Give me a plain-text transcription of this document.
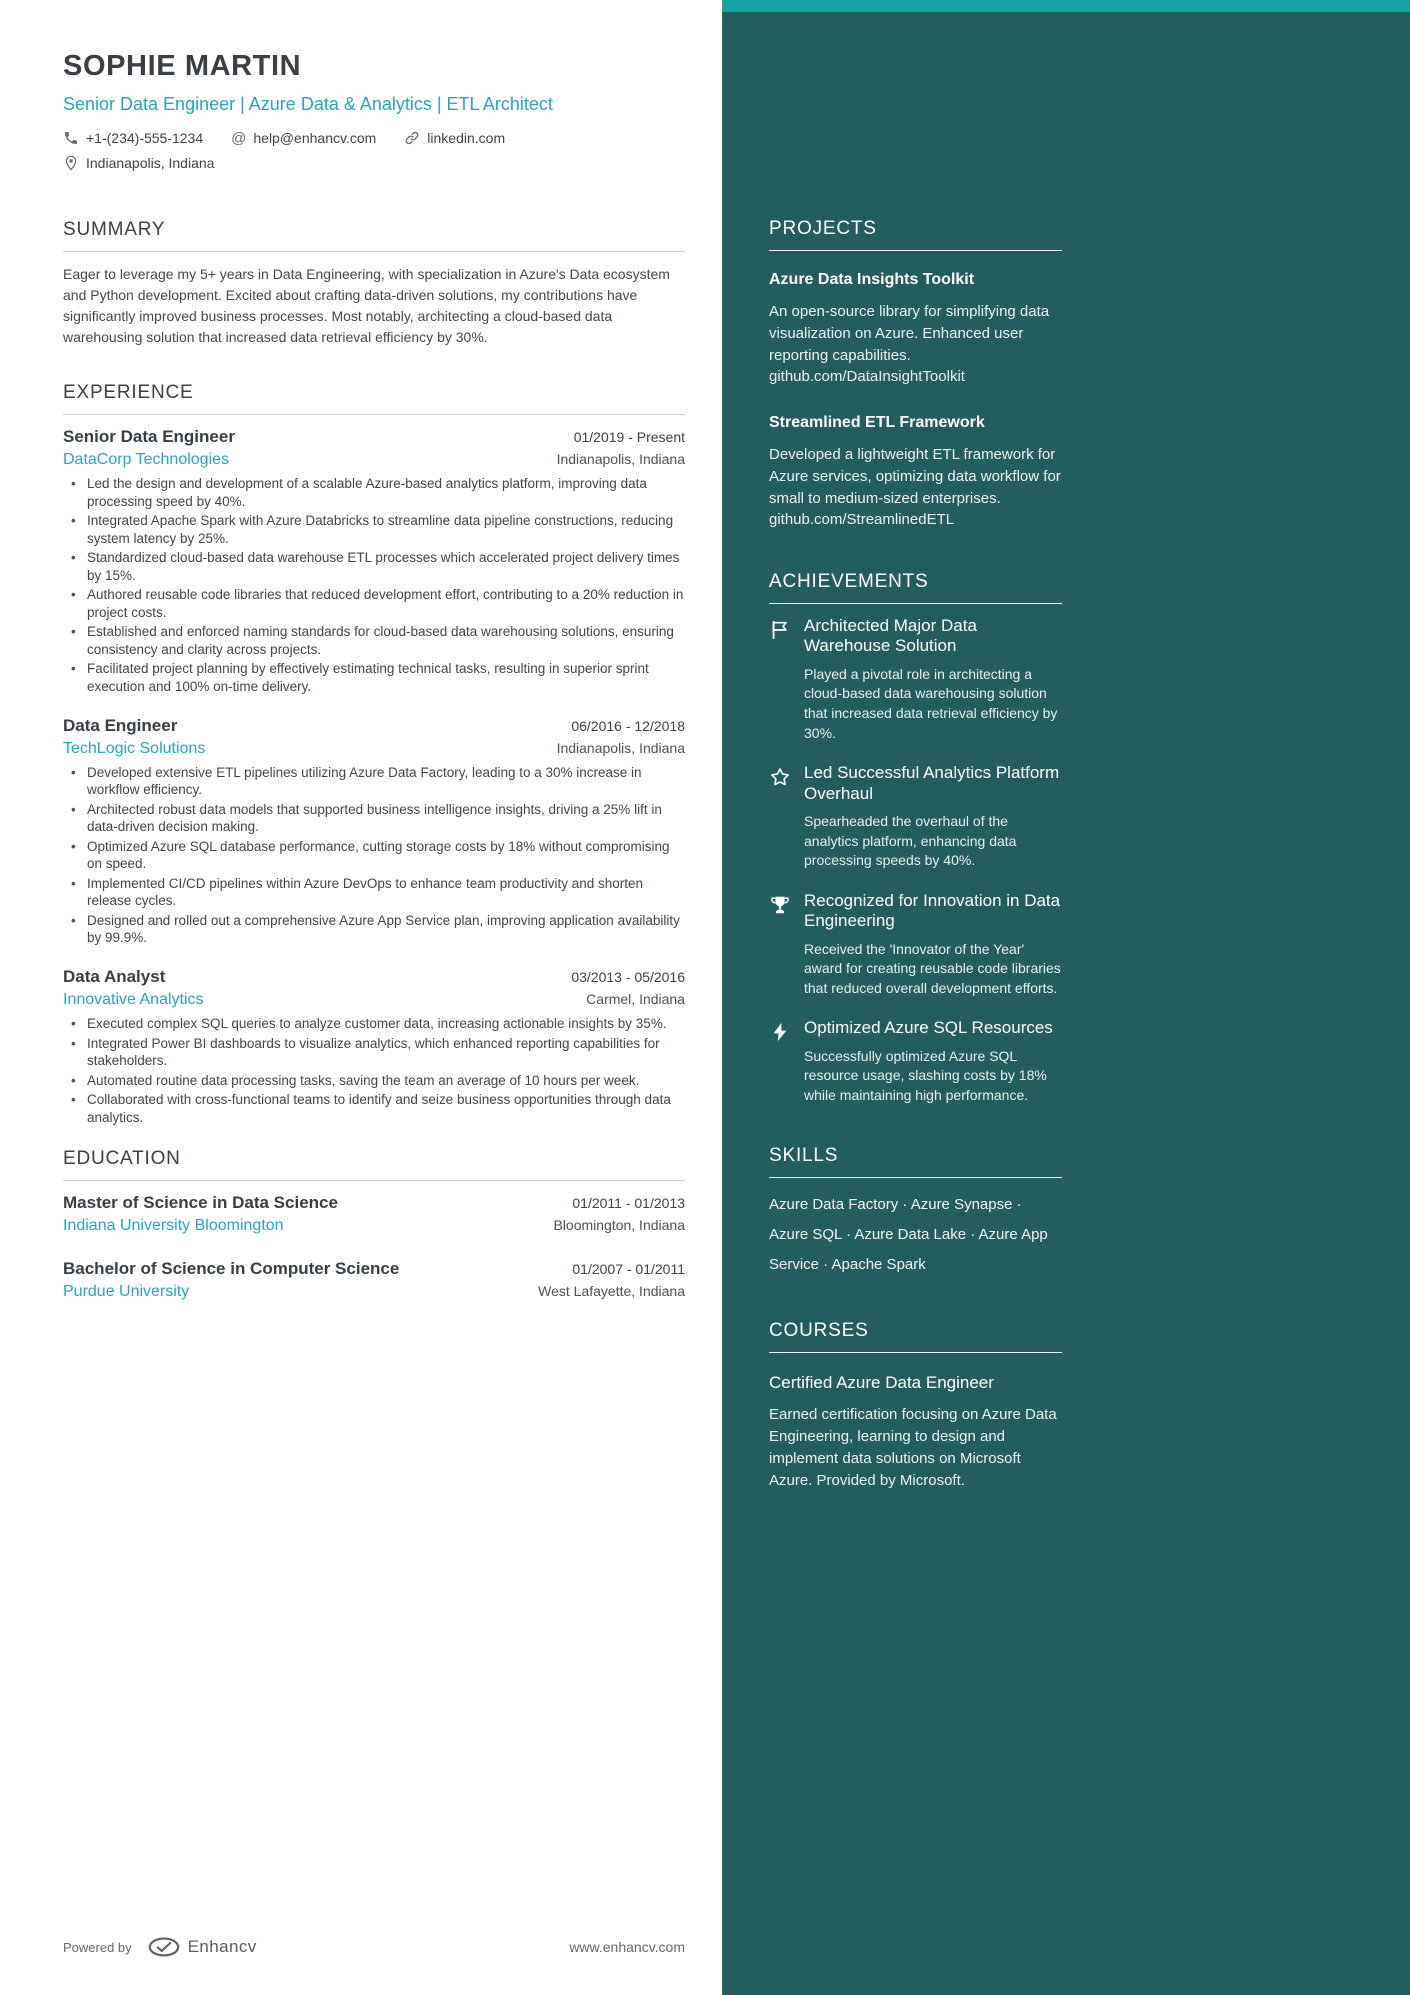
SOPHIE MARTIN
Senior Data Engineer | Azure Data & Analytics | ETL Architect
+1-(234)-555-1234 @ help@enhancv.com	linkedin.com
Indianapolis, Indiana
SUMMARY

Eager to leverage my 5+ years in Data Engineering, with specialization in Azure's Data ecosystem and Python development. Excited about crafting data-driven solutions, my contributions have significantly improved business processes. Most notably, architecting a cloud-based data warehousing solution that increased data retrieval efficiency by 30%.

EXPERIENCE
Senior Data Engineer	01/2019 - Present
DataCorp Technologies	Indianapolis, Indiana
• Led the design and development of a scalable Azure-based analytics platform, improving data processing speed by 40%.
• Integrated Apache Spark with Azure Databricks to streamline data pipeline constructions, reducing system latency by 25%.
• Standardized cloud-based data warehouse ETL processes which accelerated project delivery times by 15%.
• Authored reusable code libraries that reduced development effort, contributing to a 20% reduction in project costs.
• Established and enforced naming standards for cloud-based data warehousing solutions, ensuring consistency and clarity across projects.
• Facilitated project planning by effectively estimating technical tasks, resulting in superior sprint execution and 100% on-time delivery.
Data Engineer	06/2016 - 12/2018
TechLogic Solutions	Indianapolis, Indiana
• Developed extensive ETL pipelines utilizing Azure Data Factory, leading to a 30% increase in workflow efficiency.
• Architected robust data models that supported business intelligence insights, driving a 25% lift in data-driven decision making.
• Optimized Azure SQL database performance, cutting storage costs by 18% without compromising on speed.
• Implemented CI/CD pipelines within Azure DevOps to enhance team productivity and shorten release cycles.
• Designed and rolled out a comprehensive Azure App Service plan, improving application availability by 99.9%.
Data Analyst	03/2013 - 05/2016
Innovative Analytics	Carmel, Indiana
• Executed complex SQL queries to analyze customer data, increasing actionable insights by 35%.
• Integrated Power BI dashboards to visualize analytics, which enhanced reporting capabilities for stakeholders.
• Automated routine data processing tasks, saving the team an average of 10 hours per week.
• Collaborated with cross-functional teams to identify and seize business opportunities through data analytics.
EDUCATION
Master of Science in Data Science	01/2011 - 01/2013
Indiana University Bloomington	Bloomington, Indiana
Bachelor of Science in Computer Science	01/2007 - 01/2011
Purdue University	West Lafayette, Indiana
Powered by	Enhancv	www.enhancv.com
PROJECTS
Azure Data Insights Toolkit

An open-source library for simplifying data visualization on Azure. Enhanced user reporting capabilities. github.com/DataInsightToolkit

Streamlined ETL Framework

Developed a lightweight ETL framework for Azure services, optimizing data workflow for small to medium-sized enterprises. github.com/StreamlinedETL

ACHIEVEMENTS
Architected Major Data Warehouse Solution

Played a pivotal role in architecting a cloud-based data warehousing solution that increased data retrieval efficiency by 30%.

Led Successful Analytics Platform Overhaul

Spearheaded the overhaul of the analytics platform, enhancing data processing speeds by 40%.

Recognized for Innovation in Data Engineering

Received the 'Innovator of the Year' award for creating reusable code libraries that reduced overall development efforts.

Optimized Azure SQL Resources

Successfully optimized Azure SQL resource usage, slashing costs by 18% while maintaining high performance.

SKILLS

Azure Data Factory · Azure Synapse · Azure SQL · Azure Data Lake · Azure App Service · Apache Spark

COURSES
Certified Azure Data Engineer

Earned certification focusing on Azure Data Engineering, learning to design and implement data solutions on Microsoft Azure. Provided by Microsoft.
